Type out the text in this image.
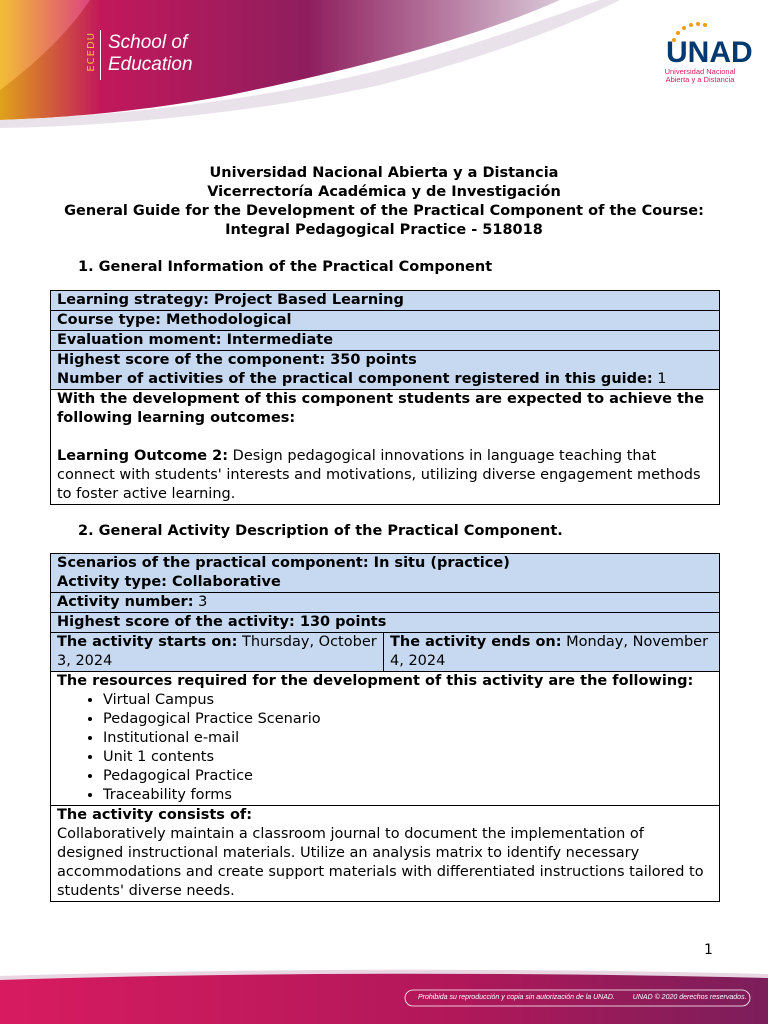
ECEDU School of
Education	UNAD
Universidad Nacional
Abierta y a Distancia
Universidad Nacional Abierta y a Distancia
Vicerrectoría Académica y de Investigación
General Guide for the Development of the Practical Component of the Course:
Integral Pedagogical Practice - 518018
1. General Information of the Practical Component
Learning strategy: Project Based Learning
Course type: Methodological
Evaluation moment: Intermediate

Highest score of the component: 350 points
Number of activities of the practical component registered in this guide: 1

With the development of this component students are expected to achieve the following learning outcomes:
Learning Outcome 2: Design pedagogical innovations in language teaching that connect with students' interests and motivations, utilizing diverse engagement methods to foster active learning.
2. General Activity Description of the Practical Component.
Scenarios of the practical component: In situ (practice)
Activity type: Collaborative

Activity number: 3
Highest score of the activity: 130 points
The activity starts on: Thursday, October 3, 2024	The activity ends on: Monday, November 4, 2024

The resources required for the development of this activity are the following:
• Virtual Campus
• Pedagogical Practice Scenario
• Institutional e-mail
• Unit 1 contents
• Pedagogical Practice
• Traceability forms

The activity consists of:
Collaboratively maintain a classroom journal to document the implementation of designed instructional materials. Utilize an analysis matrix to identify necessary accommodations and create support materials with differentiated instructions tailored to students' diverse needs.
1
Prohibida su reproducción y copia sin autorización de la UNAD.	UNAD © 2020 derechos reservados.
